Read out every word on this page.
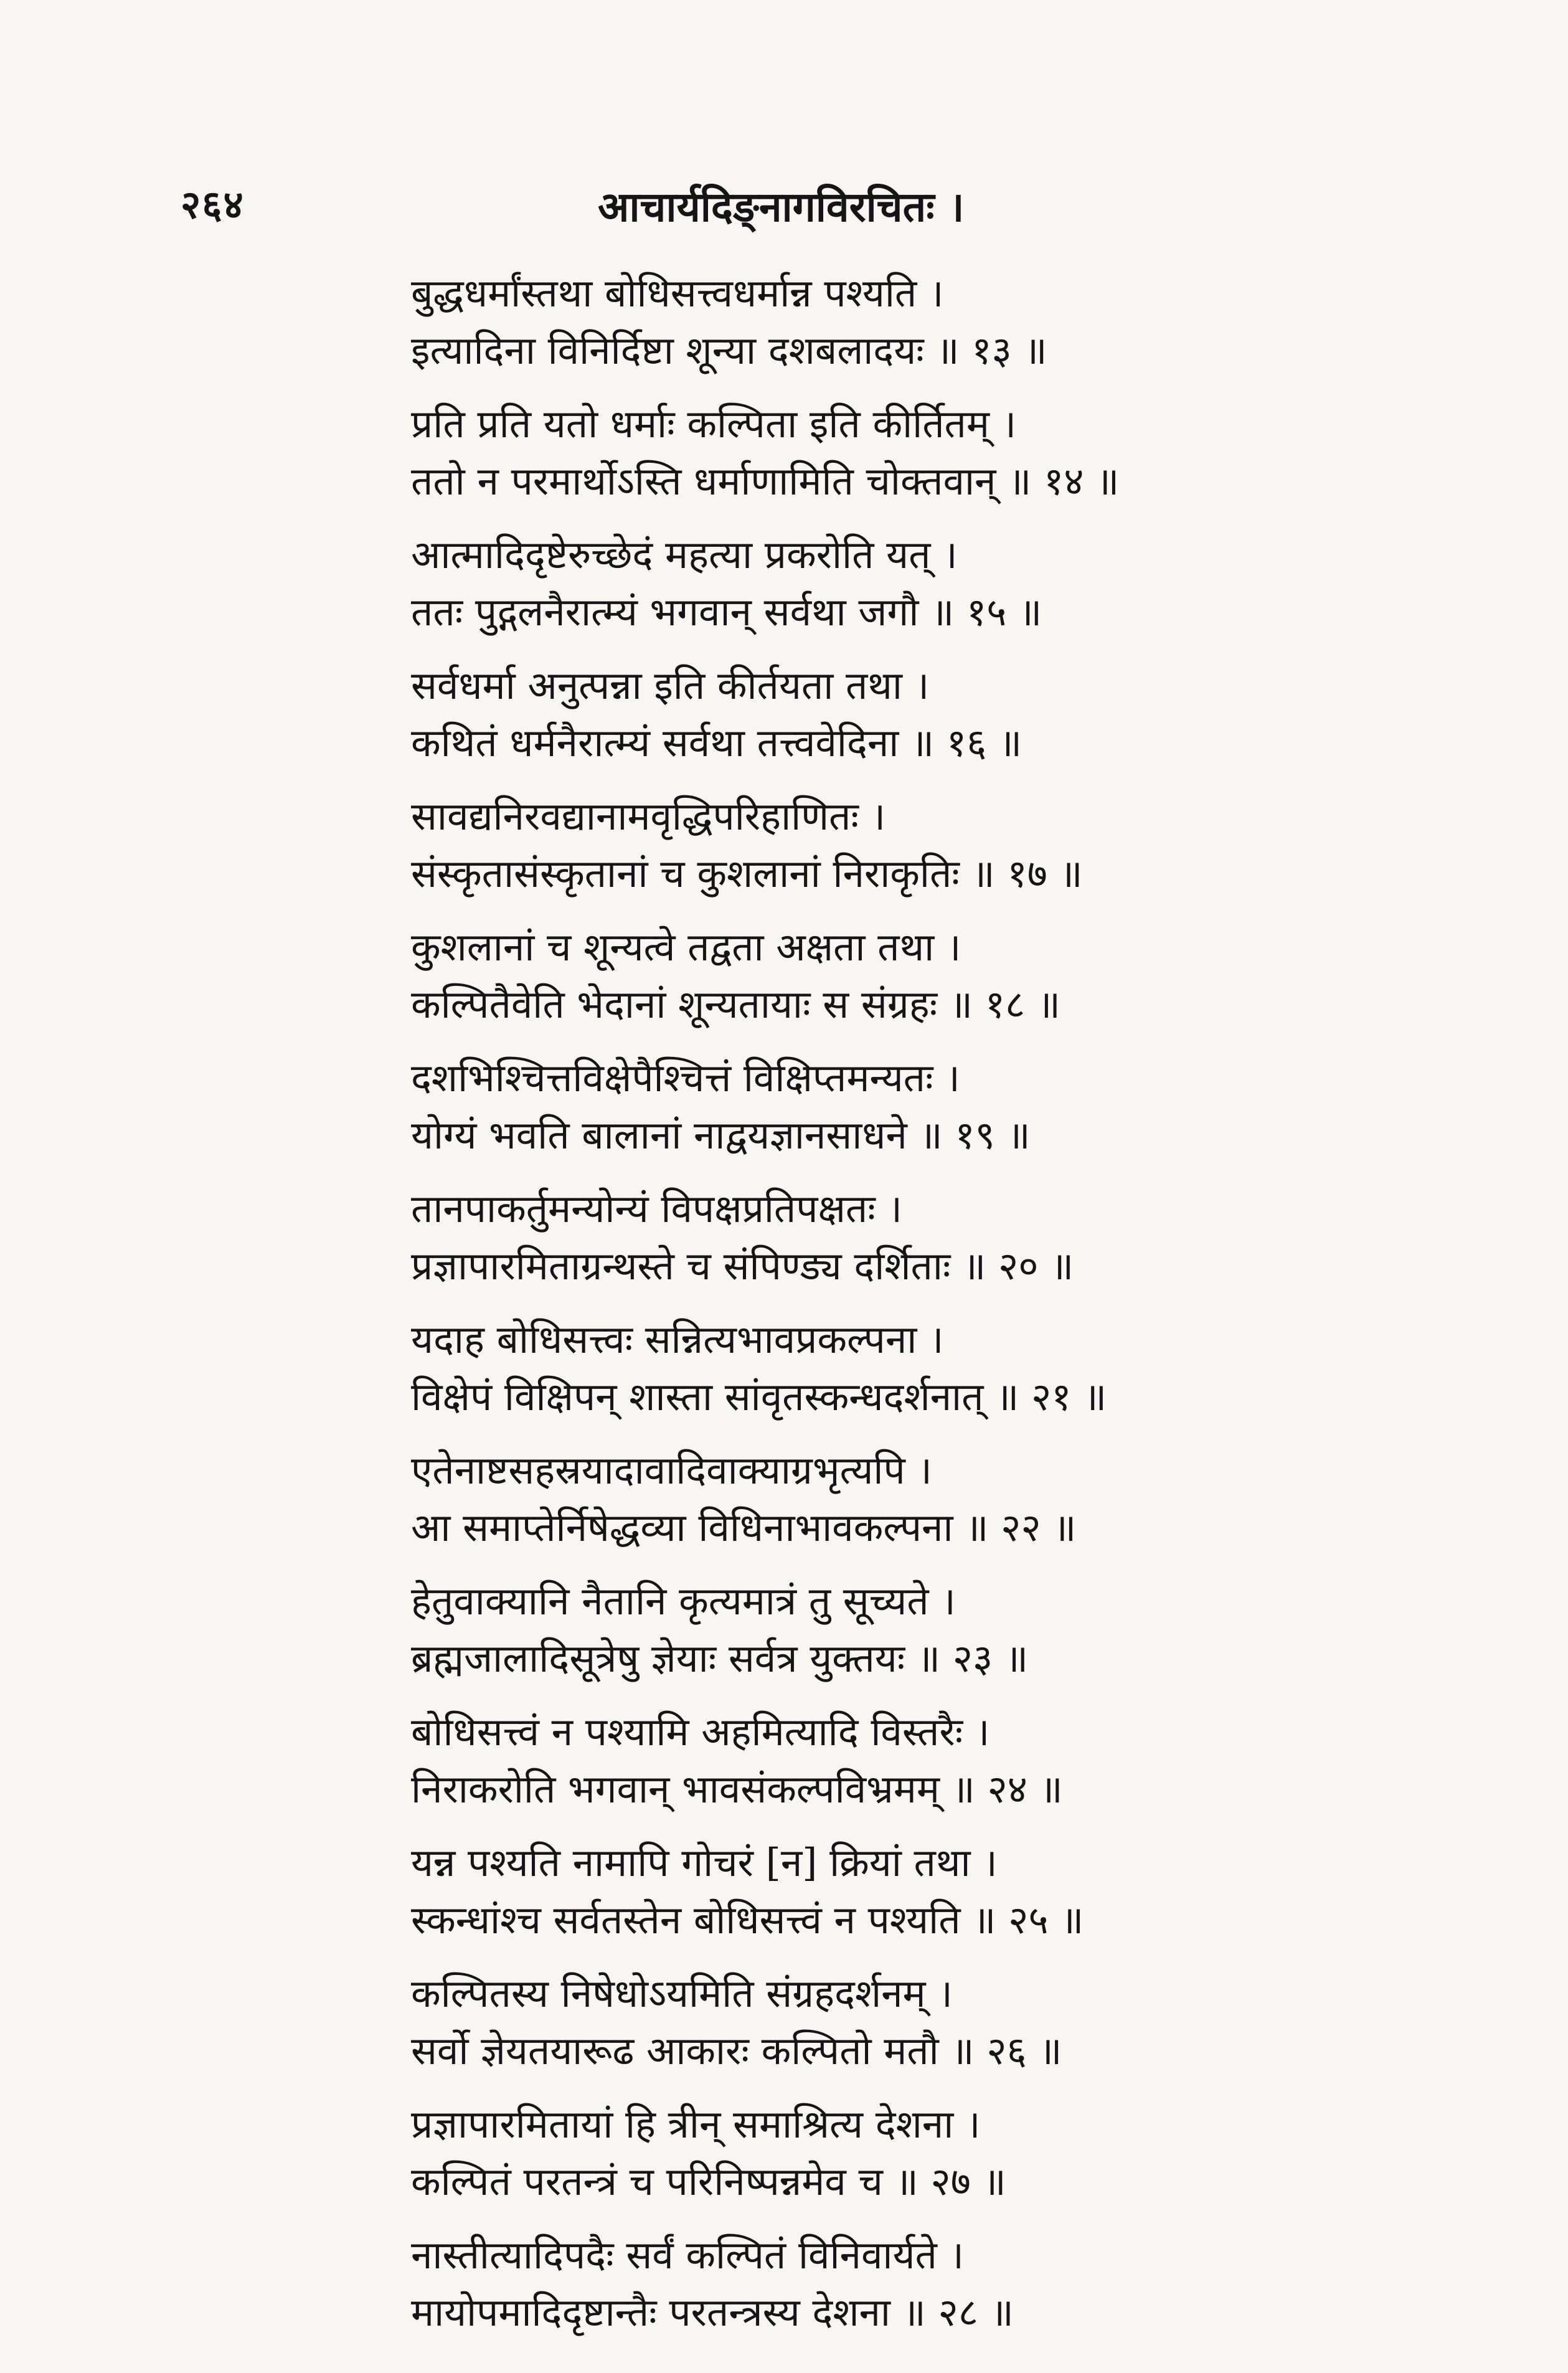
२६४	आचार्यदिङ्नागविरचितः ।
बुद्धधर्मांस्तथा बोधिसत्त्वधर्मान्न पश्यति ।
इत्यादिना विनिर्दिष्टा शून्या दशबलादयः ॥ १३ ॥
प्रति प्रति यतो धर्माः कल्पिता इति कीर्तितम् ।
ततो न परमार्थोऽस्ति धर्माणामिति चोक्तवान् ॥ १४ ॥
आत्मादिदृष्टेरुच्छेदं महत्या प्रकरोति यत् ।
ततः पुद्गलनैरात्म्यं भगवान् सर्वथा जगौ ॥ १५ ॥
सर्वधर्मा अनुत्पन्ना इति कीर्तयता तथा ।
कथितं धर्मनैरात्म्यं सर्वथा तत्त्ववेदिना ॥ १६ ॥
सावद्यनिरवद्यानामवृद्धिपरिहाणितः ।
संस्कृतासंस्कृतानां च कुशलानां निराकृतिः ॥ १७ ॥
कुशलानां च शून्यत्वे तद्वता अक्षता तथा ।
कल्पितैवेति भेदानां शून्यतायाः स संग्रहः ॥ १८ ॥
दशभिश्चित्तविक्षेपैश्चित्तं विक्षिप्तमन्यतः ।
योग्यं भवति बालानां नाद्वयज्ञानसाधने ॥ १९ ॥
तानपाकर्तुमन्योन्यं विपक्षप्रतिपक्षतः ।
प्रज्ञापारमिताग्रन्थस्ते च संपिण्ड्य दर्शिताः ॥ २० ॥
यदाह बोधिसत्त्वः सन्नित्यभावप्रकल्पना ।
विक्षेपं विक्षिपन् शास्ता सांवृतस्कन्धदर्शनात् ॥ २१ ॥
एतेनाष्टसहस्रयादावादिवाक्याग्रभृत्यपि ।
आ समाप्तेर्निषेद्धव्या विधिनाभावकल्पना ॥ २२ ॥
हेतुवाक्यानि नैतानि कृत्यमात्रं तु सूच्यते ।
ब्रह्मजालादिसूत्रेषु ज्ञेयाः सर्वत्र युक्तयः ॥ २३ ॥
बोधिसत्त्वं न पश्यामि अहमित्यादि विस्तरैः ।
निराकरोति भगवान् भावसंकल्पविभ्रमम् ॥ २४ ॥
यन्न पश्यति नामापि गोचरं [न] क्रियां तथा ।
स्कन्धांश्च सर्वतस्तेन बोधिसत्त्वं न पश्यति ॥ २५ ॥
कल्पितस्य निषेधोऽयमिति संग्रहदर्शनम् ।
सर्वो ज्ञेयतयारूढ आकारः कल्पितो मतौ ॥ २६ ॥
प्रज्ञापारमितायां हि त्रीन् समाश्रित्य देशना ।
कल्पितं परतन्त्रं च परिनिष्पन्नमेव च ॥ २७ ॥
नास्तीत्यादिपदैः सर्वं कल्पितं विनिवार्यते ।
मायोपमादिदृष्टान्तैः परतन्त्रस्य देशना ॥ २८ ॥
